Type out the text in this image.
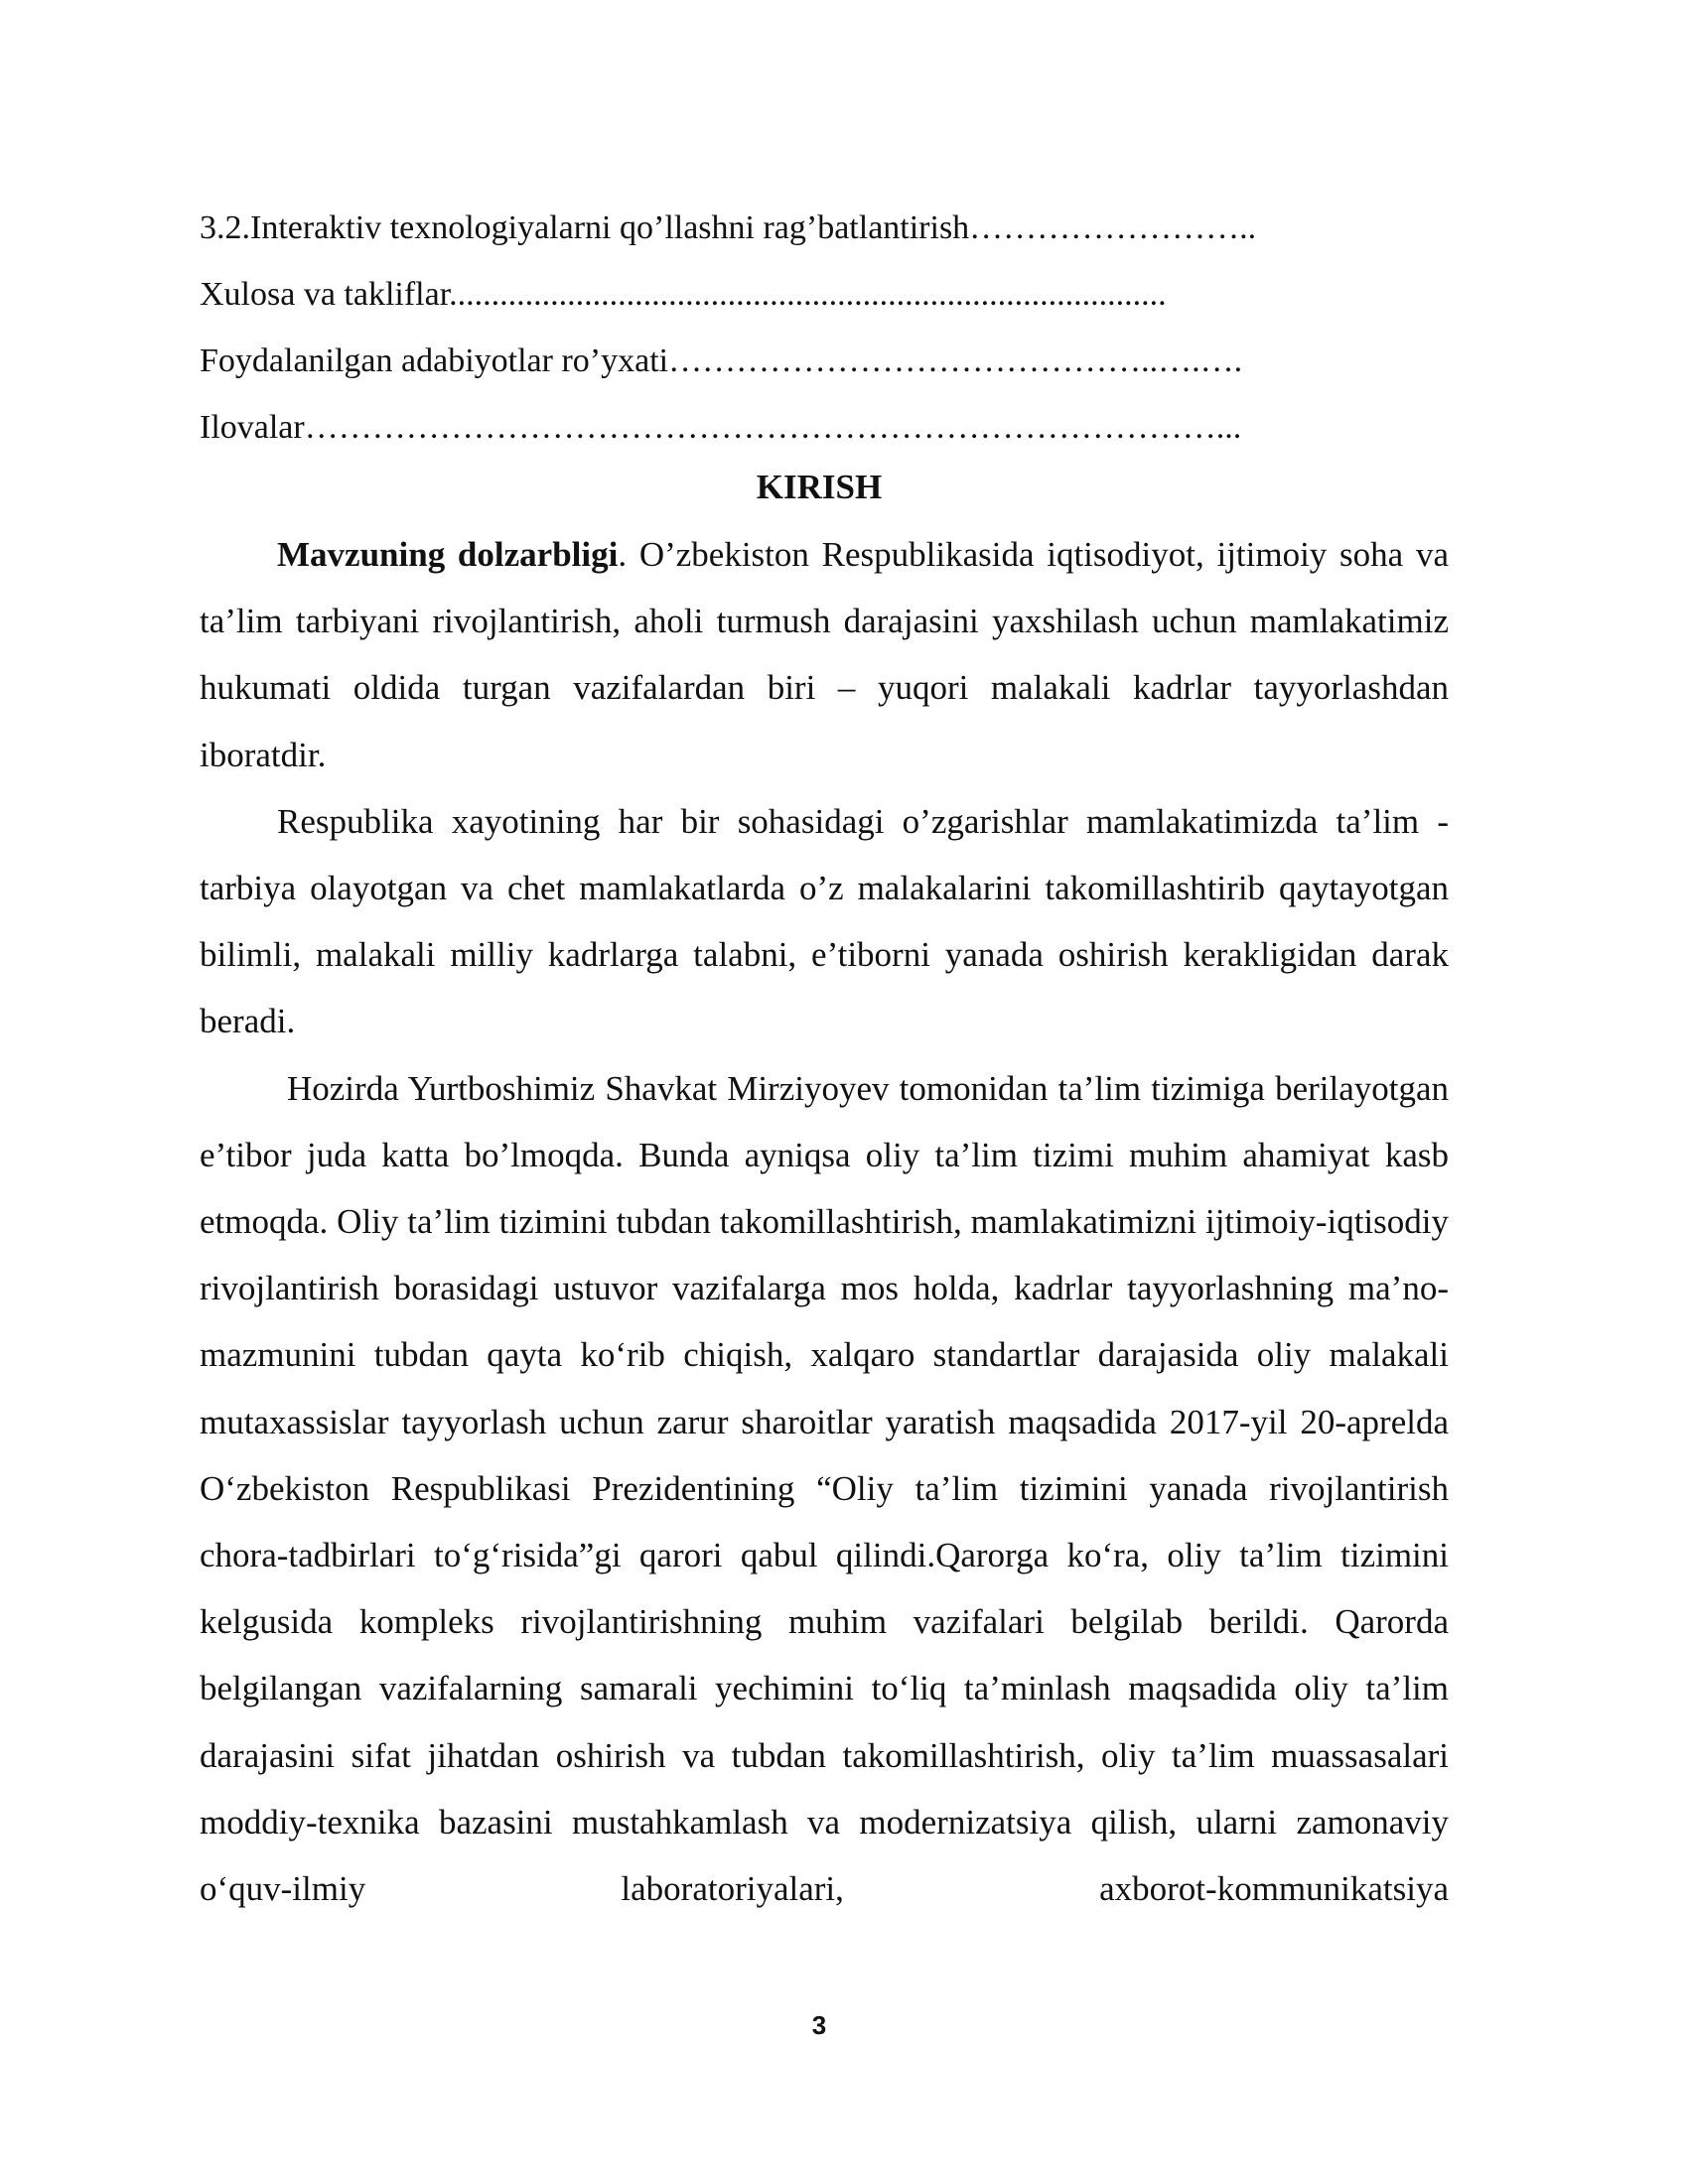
3.2.Interaktiv texnologiyalarni qo’llashni rag’batlantirish……………………..
Xulosa va takliflar.....................................................................................
Foydalanilgan adabiyotlar ro’yxati……………………………………..….….
Ilovalar………………………………………………………………………...
KIRISH

Mavzuning dolzarbligi. O’zbekiston Respublikasida iqtisodiyot, ijtimoiy soha va ta’lim tarbiyani rivojlantirish, aholi turmush darajasini yaxshilash uchun mamlakatimiz hukumati oldida turgan vazifalardan biri – yuqori malakali kadrlar tayyorlashdan iboratdir.

Respublika xayotining har bir sohasidagi o’zgarishlar mamlakatimizda ta’lim - tarbiya olayotgan va chet mamlakatlarda o’z malakalarini takomillashtirib qaytayotgan bilimli, malakali milliy kadrlarga talabni, e’tiborni yanada oshirish kerakligidan darak beradi.

Hozirda Yurtboshimiz Shavkat Mirziyoyev tomonidan ta’lim tizimiga berilayotgan e’tibor juda katta bo’lmoqda. Bunda ayniqsa oliy ta’lim tizimi muhim ahamiyat kasb etmoqda. Oliy ta’lim tizimini tubdan takomillashtirish, mamlakatimizni ijtimoiy-iqtisodiy rivojlantirish borasidagi ustuvor vazifalarga mos holda, kadrlar tayyorlashning ma’no-mazmunini tubdan qayta koʻrib chiqish, xalqaro standartlar darajasida oliy malakali mutaxassislar tayyorlash uchun zarur sharoitlar yaratish maqsadida 2017-yil 20-aprelda Oʻzbekiston Respublikasi Prezidentining “Oliy ta’lim tizimini yanada rivojlantirish chora-tadbirlari toʻgʻrisida”gi qarori qabul qilindi.Qarorga koʻra, oliy ta’lim tizimini kelgusida kompleks rivojlantirishning muhim vazifalari belgilab berildi. Qarorda belgilangan vazifalarning samarali yechimini toʻliq ta’minlash maqsadida oliy ta’lim darajasini sifat jihatdan oshirish va tubdan takomillashtirish, oliy ta’lim muassasalari moddiy-texnika bazasini mustahkamlash va modernizatsiya qilish, ularni zamonaviy oʻquv-ilmiy laboratoriyalari, axborot-kommunikatsiya

3
